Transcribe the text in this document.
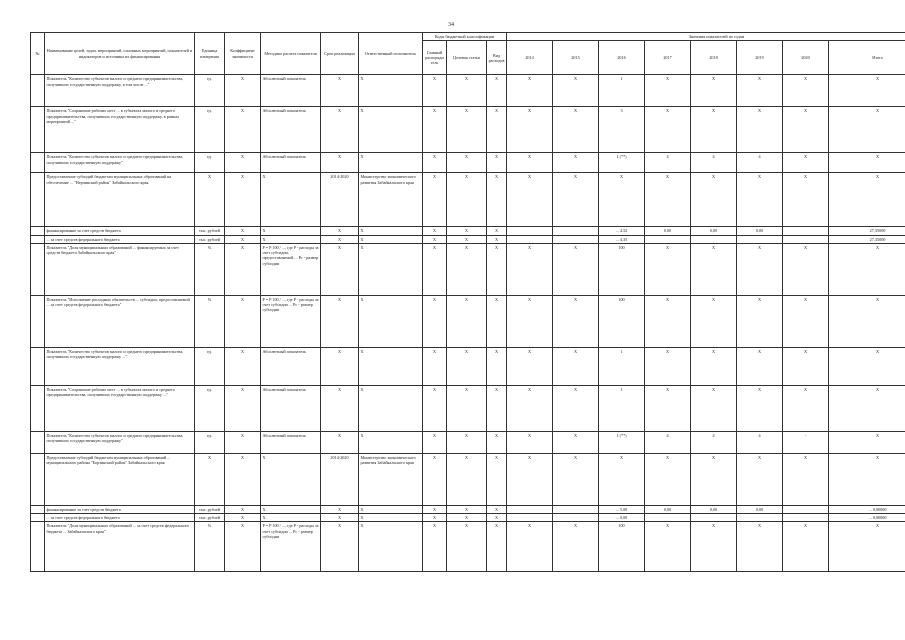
34
№	Наименование целей, задач, мероприятий, основных мероприятий, показателей и индикаторов и источника их финансирования	Единица измерения	Коэффициент значимости	Методика расчета показателя	Срок реализации	Ответственный исполнитель	Коды бюджетной классификации			Значения показателей по годам							
							Главный распорядитель	Целевая статья	Вид расходов	2014	2015	2016	2017	2018	2019	2020	Итого
	Показатель "Количество субъектов малого и среднего предпринимательства, получивших государственную поддержку, в том числе ..."	ед.	X	Абсолютный показатель	X	X	X	X	X	X	X	1	X	X	X	X	X
	Показатель "Сохранение рабочих мест ... в субъектах малого и среднего предпринимательства, получивших государственную поддержку, в рамках мероприятий ..."	ед.	X	Абсолютный показатель	X	X	X	X	X	X	X	3	X	X	X	X	X
	Показатель "Количество субъектов малого и среднего предпринимательства, получивших государственную поддержку"	ед.	X	Абсолютный показатель	X	X	X	X	X	X	X	1 (**)	4	4	4	X	X
	Предоставление субсидий бюджетам муниципальных образований на обеспечение ... "Нерчинский район" Забайкальского края	X	X	X	2014-2020	Министерство экономического развития Забайкальского края	X	X	X	X	X	X	X	X	X	X	X
	финансирование за счет средств бюджета	тыс. рублей	X	X	X	X	X	X	X			... 4,52	0,00	0,00	0,00		27,35000
	... за счет средств федерального бюджета	тыс. рублей	X	X	X	X	X	X	X			... 4,35					27,35000
	Показатель "Доля муниципальных образований ... финансируемых за счет средств бюджета Забайкальского края"	%	X	P = P 100 / ..., где P - расходы за счет субсидии, предоставляемой ... Pc - размер субсидии	X	X	X	X	X	X	X	100	X	X	X	X	X
	Показатель "Исполнение расходных обязательств ... субсидии, предоставляемой ... за счет средств федерального бюджета"	%	X	P = P 100 / ..., где P - расходы за счет субсидии ... Pc - размер субсидии	X	X	X	X	X	X	X	100	X	X	X	X	X
	Показатель "Количество субъектов малого и среднего предпринимательства, получивших государственную поддержку ..."	ед.	X	Абсолютный показатель	X	X	X	X	X	X	X	1	X	X	X	X	X
	Показатель "Сохранение рабочих мест ... в субъектах малого и среднего предпринимательства, получивших государственную поддержку ..."	ед.	X	Абсолютный показатель	X	X	X	X	X	X	X	1	X	X	X	X	X
	Показатель "Количество субъектов малого и среднего предпринимательства, получивших государственную поддержку"	ед.	X	Абсолютный показатель	X	X	X	X	X	X	X	1 (**)	4	4	4	-	X
	Предоставление субсидий бюджетам муниципальных образований ... муниципального района "Борзинский район" Забайкальского края	X	X	X	2014-2020	Министерство экономического развития Забайкальского края	X	X	X	X	X	X	X	X	X	X	X
	финансирование за счет средств бюджета	тыс. рублей	X	X	X	X	X	X	X			... 5,00	0,00	0,00	0,00		... 0,00000
	... за счет средств федерального бюджета	тыс. рублей	X	X	X	X	X	X	X			... 0,00					... 0,00000
	Показатель "Доля муниципальных образований ... за счет средств федерального бюджета ... Забайкальского края"	%	X	P = P 100 / ..., где P - расходы за счет субсидии ... Pc - размер субсидии	X	X	X	X	X	X	X	100	X	X	X	X	X
